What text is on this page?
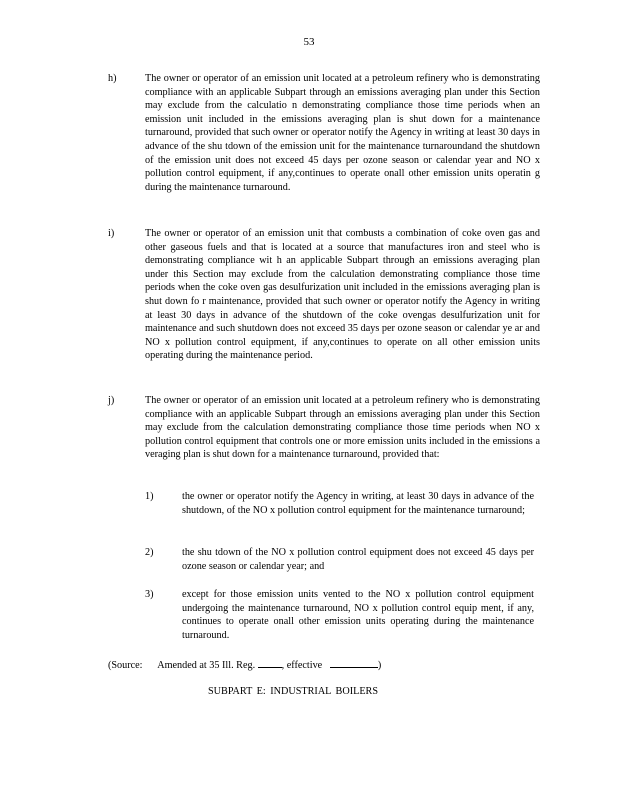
53
h)	The owner or operator of an emission unit located at a petroleum refinery who is demonstrating compliance with an applicable Subpart through an emissions averaging plan under this Section may exclude from the calculatio n demonstrating compliance those time periods when an emission unit included in the emissions averaging plan is shut down for a maintenance turnaround, provided that such owner or operator notify the Agency in writing at least 30 days in advance of the shu tdown of the emission unit for the maintenance turnaroundand the shutdown of the emission unit does not exceed 45 days per ozone season or calendar year and NO x pollution control equipment, if any,continues to operate onall other emission units operatin g during the maintenance turnaround.
i)	The owner or operator of an emission unit that combusts a combination of coke oven gas and other gaseous fuels and that is located at a source that manufactures iron and steel who is demonstrating compliance wit h an applicable Subpart through an emissions averaging plan under this Section may exclude from the calculation demonstrating compliance those time periods when the coke oven gas desulfurization unit included in the emissions averaging plan is shut down fo r maintenance, provided that such owner or operator notify the Agency in writing at least 30 days in advance of the shutdown of the coke ovengas desulfurization unit for maintenance and such shutdown does not exceed 35 days per ozone season or calendar ye ar and NO x pollution control equipment, if any,continues to operate on all other emission units operating during the maintenance period.
j)	The owner or operator of an emission unit located at a petroleum refinery who is demonstrating compliance with an applicable Subpart through an emissions averaging plan under this Section may exclude from the calculation demonstrating compliance those time periods when NO x pollution control equipment that controls one or more emission units included in the emissions a veraging plan is shut down for a maintenance turnaround, provided that:
1)	the owner or operator notify the Agency in writing, at least 30 days in advance of the shutdown, of the NO x pollution control equipment for the maintenance turnaround;
2)	the shu tdown of the NO x pollution control equipment does not exceed 45 days per ozone season or calendar year; and
3)	except for those emission units vented to the NO x pollution control equipment undergoing the maintenance turnaround, NO x pollution control equip ment, if any, continues to operate onall other emission units operating during the maintenance turnaround.
(Source: Amended at 35 Ill. Reg.	, effective	)
SUBPART E: INDUSTRIAL BOILERS
